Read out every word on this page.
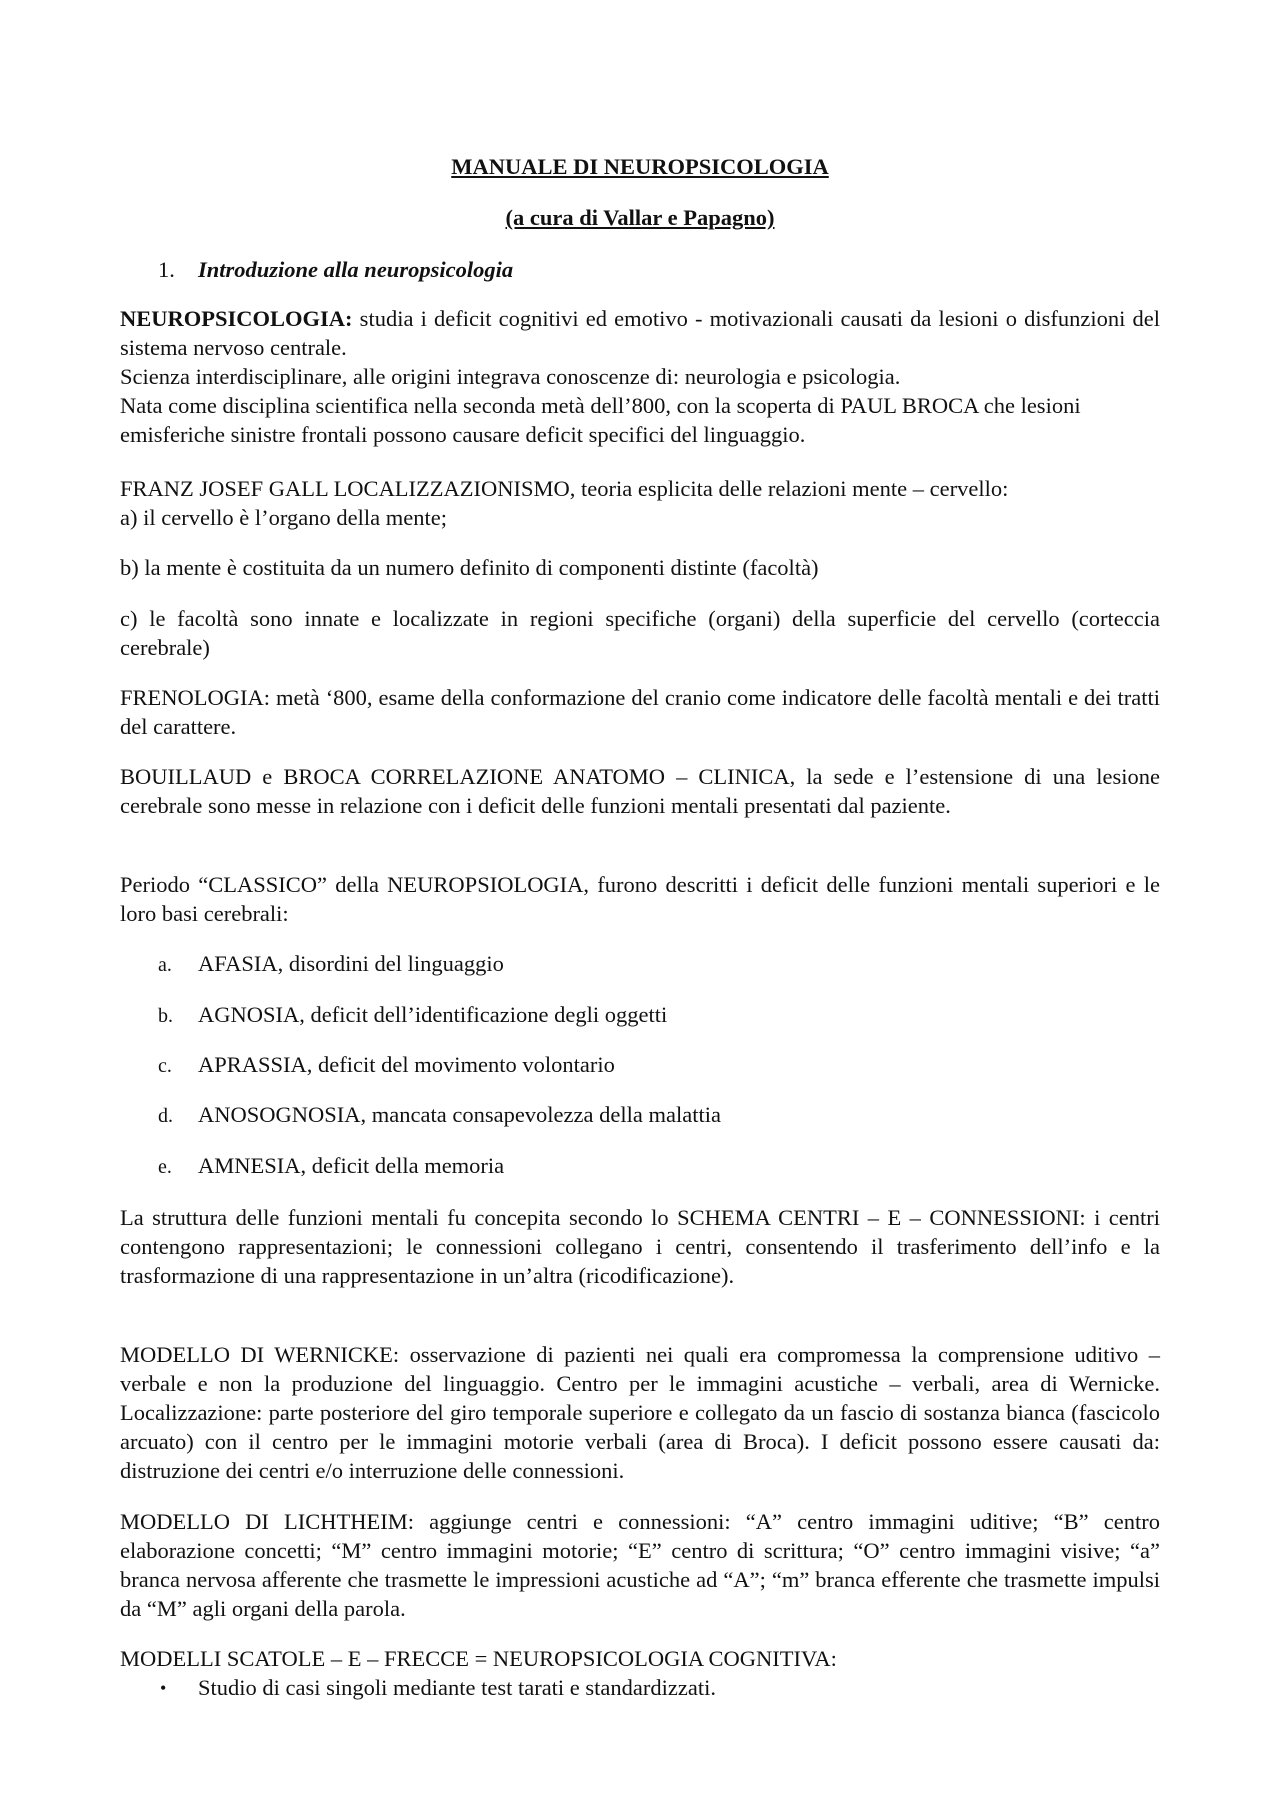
MANUALE DI NEUROPSICOLOGIA
(a cura di Vallar e Papagno)
1. Introduzione alla neuropsicologia

NEUROPSICOLOGIA: studia i deficit cognitivi ed emotivo - motivazionali causati da lesioni o disfunzioni del sistema nervoso centrale.

Scienza interdisciplinare, alle origini integrava conoscenze di: neurologia e psicologia.

Nata come disciplina scientifica nella seconda metà dell’800, con la scoperta di PAUL BROCA che lesioni emisferiche sinistre frontali possono causare deficit specifici del linguaggio.

FRANZ JOSEF GALL LOCALIZZAZIONISMO, teoria esplicita delle relazioni mente – cervello:

a) il cervello è l’organo della mente;

b) la mente è costituita da un numero definito di componenti distinte (facoltà)

c) le facoltà sono innate e localizzate in regioni specifiche (organi) della superficie del cervello (corteccia cerebrale)

FRENOLOGIA: metà ‘800, esame della conformazione del cranio come indicatore delle facoltà mentali e dei tratti del carattere.

BOUILLAUD e BROCA CORRELAZIONE ANATOMO – CLINICA, la sede e l’estensione di una lesione cerebrale sono messe in relazione con i deficit delle funzioni mentali presentati dal paziente.

Periodo “CLASSICO” della NEUROPSIOLOGIA, furono descritti i deficit delle funzioni mentali superiori e le loro basi cerebrali:

a. AFASIA, disordini del linguaggio
b. AGNOSIA, deficit dell’identificazione degli oggetti
c. APRASSIA, deficit del movimento volontario
d. ANOSOGNOSIA, mancata consapevolezza della malattia
e. AMNESIA, deficit della memoria

La struttura delle funzioni mentali fu concepita secondo lo SCHEMA CENTRI – E – CONNESSIONI: i centri contengono rappresentazioni; le connessioni collegano i centri, consentendo il trasferimento dell’info e la trasformazione di una rappresentazione in un’altra (ricodificazione).

MODELLO DI WERNICKE: osservazione di pazienti nei quali era compromessa la comprensione uditivo – verbale e non la produzione del linguaggio. Centro per le immagini acustiche – verbali, area di Wernicke. Localizzazione: parte posteriore del giro temporale superiore e collegato da un fascio di sostanza bianca (fascicolo arcuato) con il centro per le immagini motorie verbali (area di Broca). I deficit possono essere causati da: distruzione dei centri e/o interruzione delle connessioni.

MODELLO DI LICHTHEIM: aggiunge centri e connessioni: “A” centro immagini uditive; “B” centro elaborazione concetti; “M” centro immagini motorie; “E” centro di scrittura; “O” centro immagini visive; “a” branca nervosa afferente che trasmette le impressioni acustiche ad “A”; “m” branca efferente che trasmette impulsi da “M” agli organi della parola.

MODELLI SCATOLE – E – FRECCE = NEUROPSICOLOGIA COGNITIVA:

• Studio di casi singoli mediante test tarati e standardizzati.
